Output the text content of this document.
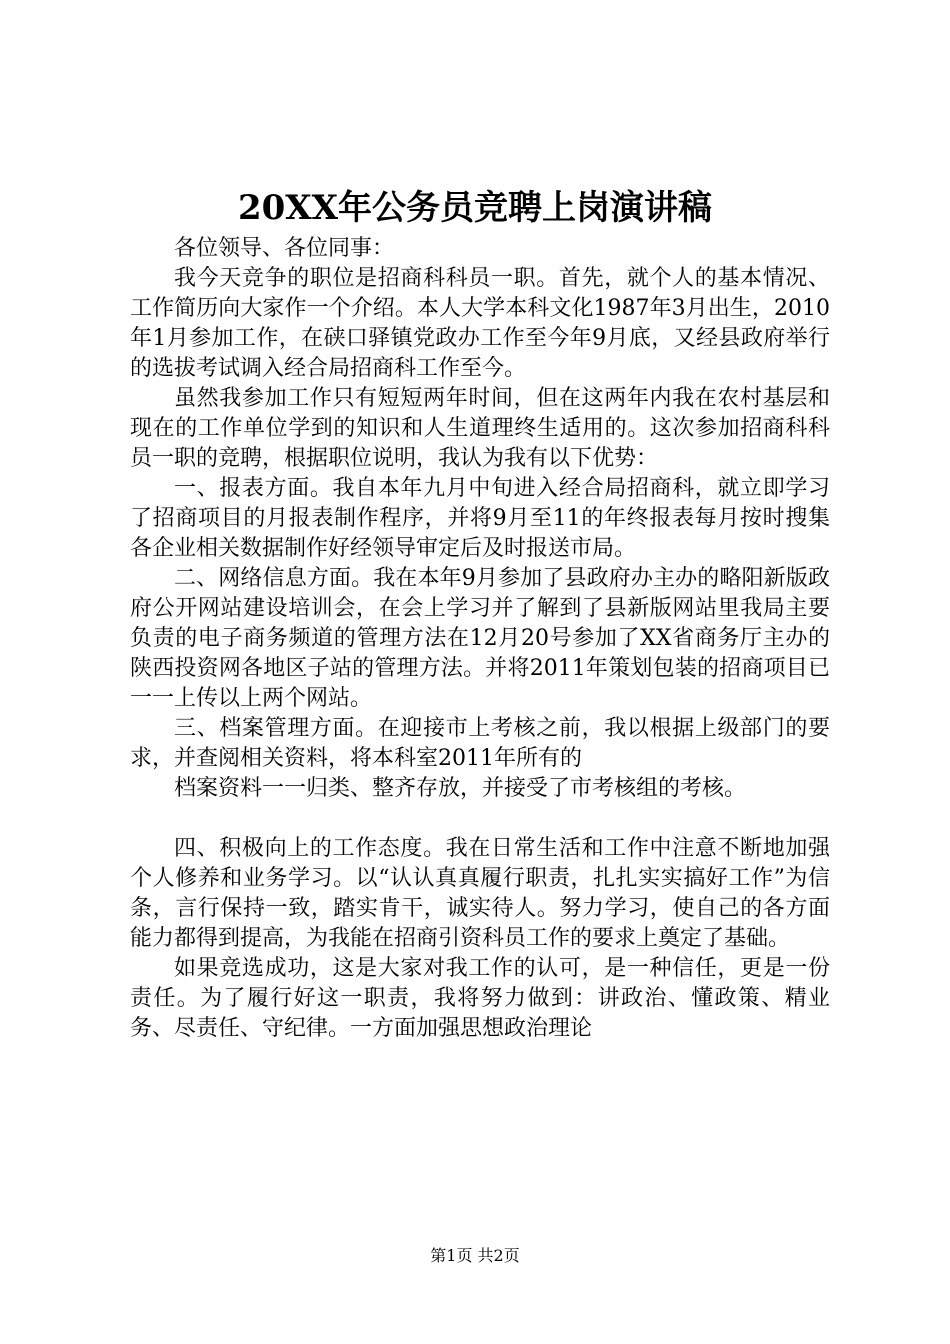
20XX年公务员竞聘上岗演讲稿

各位领导、各位同事：

我今天竞争的职位是招商科科员一职。首先，就个人的基本情况、工作简历向大家作一个介绍。本人大学本科文化1987年3月出生，2010年1月参加工作，在硖口驿镇党政办工作至今年9月底，又经县政府举行的选拔考试调入经合局招商科工作至今。

虽然我参加工作只有短短两年时间，但在这两年内我在农村基层和现在的工作单位学到的知识和人生道理终生适用的。这次参加招商科科员一职的竞聘，根据职位说明，我认为我有以下优势：

一、报表方面。我自本年九月中旬进入经合局招商科，就立即学习了招商项目的月报表制作程序，并将9月至11的年终报表每月按时搜集各企业相关数据制作好经领导审定后及时报送市局。

二、网络信息方面。我在本年9月参加了县政府办主办的略阳新版政府公开网站建设培训会，在会上学习并了解到了县新版网站里我局主要负责的电子商务频道的管理方法在12月20号参加了XX省商务厅主办的陕西投资网各地区子站的管理方法。并将2011年策划包装的招商项目已一一上传以上两个网站。

三、档案管理方面。在迎接市上考核之前，我以根据上级部门的要求，并查阅相关资料，将本科室2011年所有的

档案资料一一归类、整齐存放，并接受了市考核组的考核。

四、积极向上的工作态度。我在日常生活和工作中注意不断地加强个人修养和业务学习。以“认认真真履行职责，扎扎实实搞好工作”为信条，言行保持一致，踏实肯干，诚实待人。努力学习，使自己的各方面能力都得到提高，为我能在招商引资科员工作的要求上奠定了基础。

如果竞选成功，这是大家对我工作的认可，是一种信任，更是一份责任。为了履行好这一职责，我将努力做到：讲政治、懂政策、精业务、尽责任、守纪律。一方面加强思想政治理论

第1页 共2页
